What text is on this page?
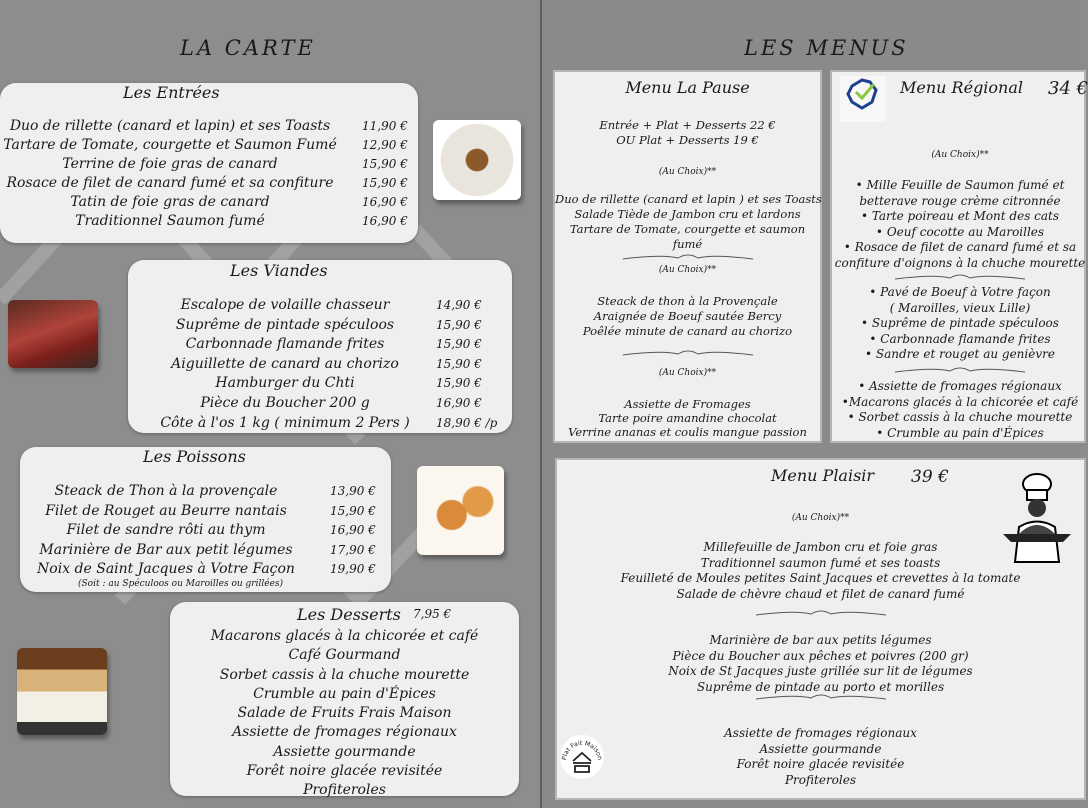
LA CARTE
Les Entrées
Duo de rillette (canard et lapin) et ses Toasts	11,90 €
Tartare de Tomate, courgette et Saumon Fumé 12,90 €
Terrine de foie gras de canard	15,90 €
Rosace de filet de canard fumé et sa confiture	15,90 €
Tatin de foie gras de canard	16,90 €
Traditionnel Saumon fumé	16,90 €
Les Viandes
Escalope de volaille chasseur	14,90 €
Suprême de pintade spéculoos	15,90 €
Carbonnade flamande frites	15,90 €
Aiguillette de canard au chorizo	15,90 €
Hamburger du Chti	15,90 €
Pièce du Boucher 200 g	16,90 €
Côte à l'os 1 kg ( minimum 2 Pers )	18,90 € /p
Les Poissons
Steack de Thon à la provençale	13,90 €
Filet de Rouget au Beurre nantais	15,90 €
Filet de sandre rôti au thym	16,90 €
Marinière de Bar aux petit légumes	17,90 €
Noix de Saint Jacques à Votre Façon	19,90 €
(Soit : au Spéculoos ou Maroilles ou grillées)
Les Desserts 7,95 €
Macarons glacés à la chicorée et café
Café Gourmand
Sorbet cassis à la chuche mourette
Crumble au pain d'Épices
Salade de Fruits Frais Maison
Assiette de fromages régionaux
Assiette gourmande
Forêt noire glacée revisitée
Profiteroles
LES MENUS
Menu La Pause
Entrée + Plat + Desserts 22 €
OU Plat + Desserts 19 €
(Au Choix)**
Duo de rillette (canard et lapin ) et ses Toasts
Salade Tiède de Jambon cru et lardons
Tartare de Tomate, courgette et saumon
fumé
(Au Choix)**
Steack de thon à la Provençale
Araignée de Boeuf sautée Bercy
Poêlée minute de canard au chorizo
(Au Choix)**
Assiette de Fromages
Tarte poire amandine chocolat
Verrine ananas et coulis mangue passion
Menu Régional 34 €
(Au Choix)**
• Mille Feuille de Saumon fumé et
betterave rouge crème citronnée
• Tarte poireau et Mont des cats
• Oeuf cocotte au Maroilles
• Rosace de filet de canard fumé et sa
confiture d'oignons à la chuche mourette
• Pavé de Boeuf à Votre façon
( Maroilles, vieux Lille)
• Suprême de pintade spéculoos
• Carbonnade flamande frites
• Sandre et rouget au genièvre
• Assiette de fromages régionaux
•Macarons glacés à la chicorée et café
• Sorbet cassis à la chuche mourette
• Crumble au pain d'Épices
Menu Plaisir 39 €
(Au Choix)**
Millefeuille de Jambon cru et foie gras
Traditionnel saumon fumé et ses toasts
Feuilleté de Moules petites Saint Jacques et crevettes à la tomate
Salade de chèvre chaud et filet de canard fumé
Marinière de bar aux petits légumes
Pièce du Boucher aux pêches et poivres (200 gr)
Noix de St Jacques juste grillée sur lit de légumes
Suprême de pintade au porto et morilles
Assiette de fromages régionaux
Assiette gourmande
Forêt noire glacée revisitée
Profiteroles
Plat Fait Maison
